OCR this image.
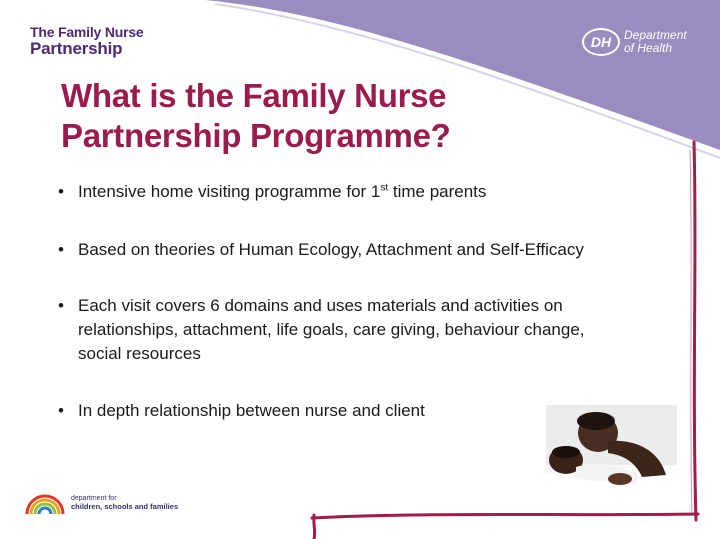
The Family Nurse
Partnership	DH	Department
of Health
What is the Family Nurse
Partnership Programme?
• Intensive home visiting programme for 1st time parents
• Based on theories of Human Ecology, Attachment and Self-Efficacy
• Each visit covers 6 domains and uses materials and activities on relationships, attachment, life goals, care giving, behaviour change, social resources
• In depth relationship between nurse and client
department for
children, schools and families
